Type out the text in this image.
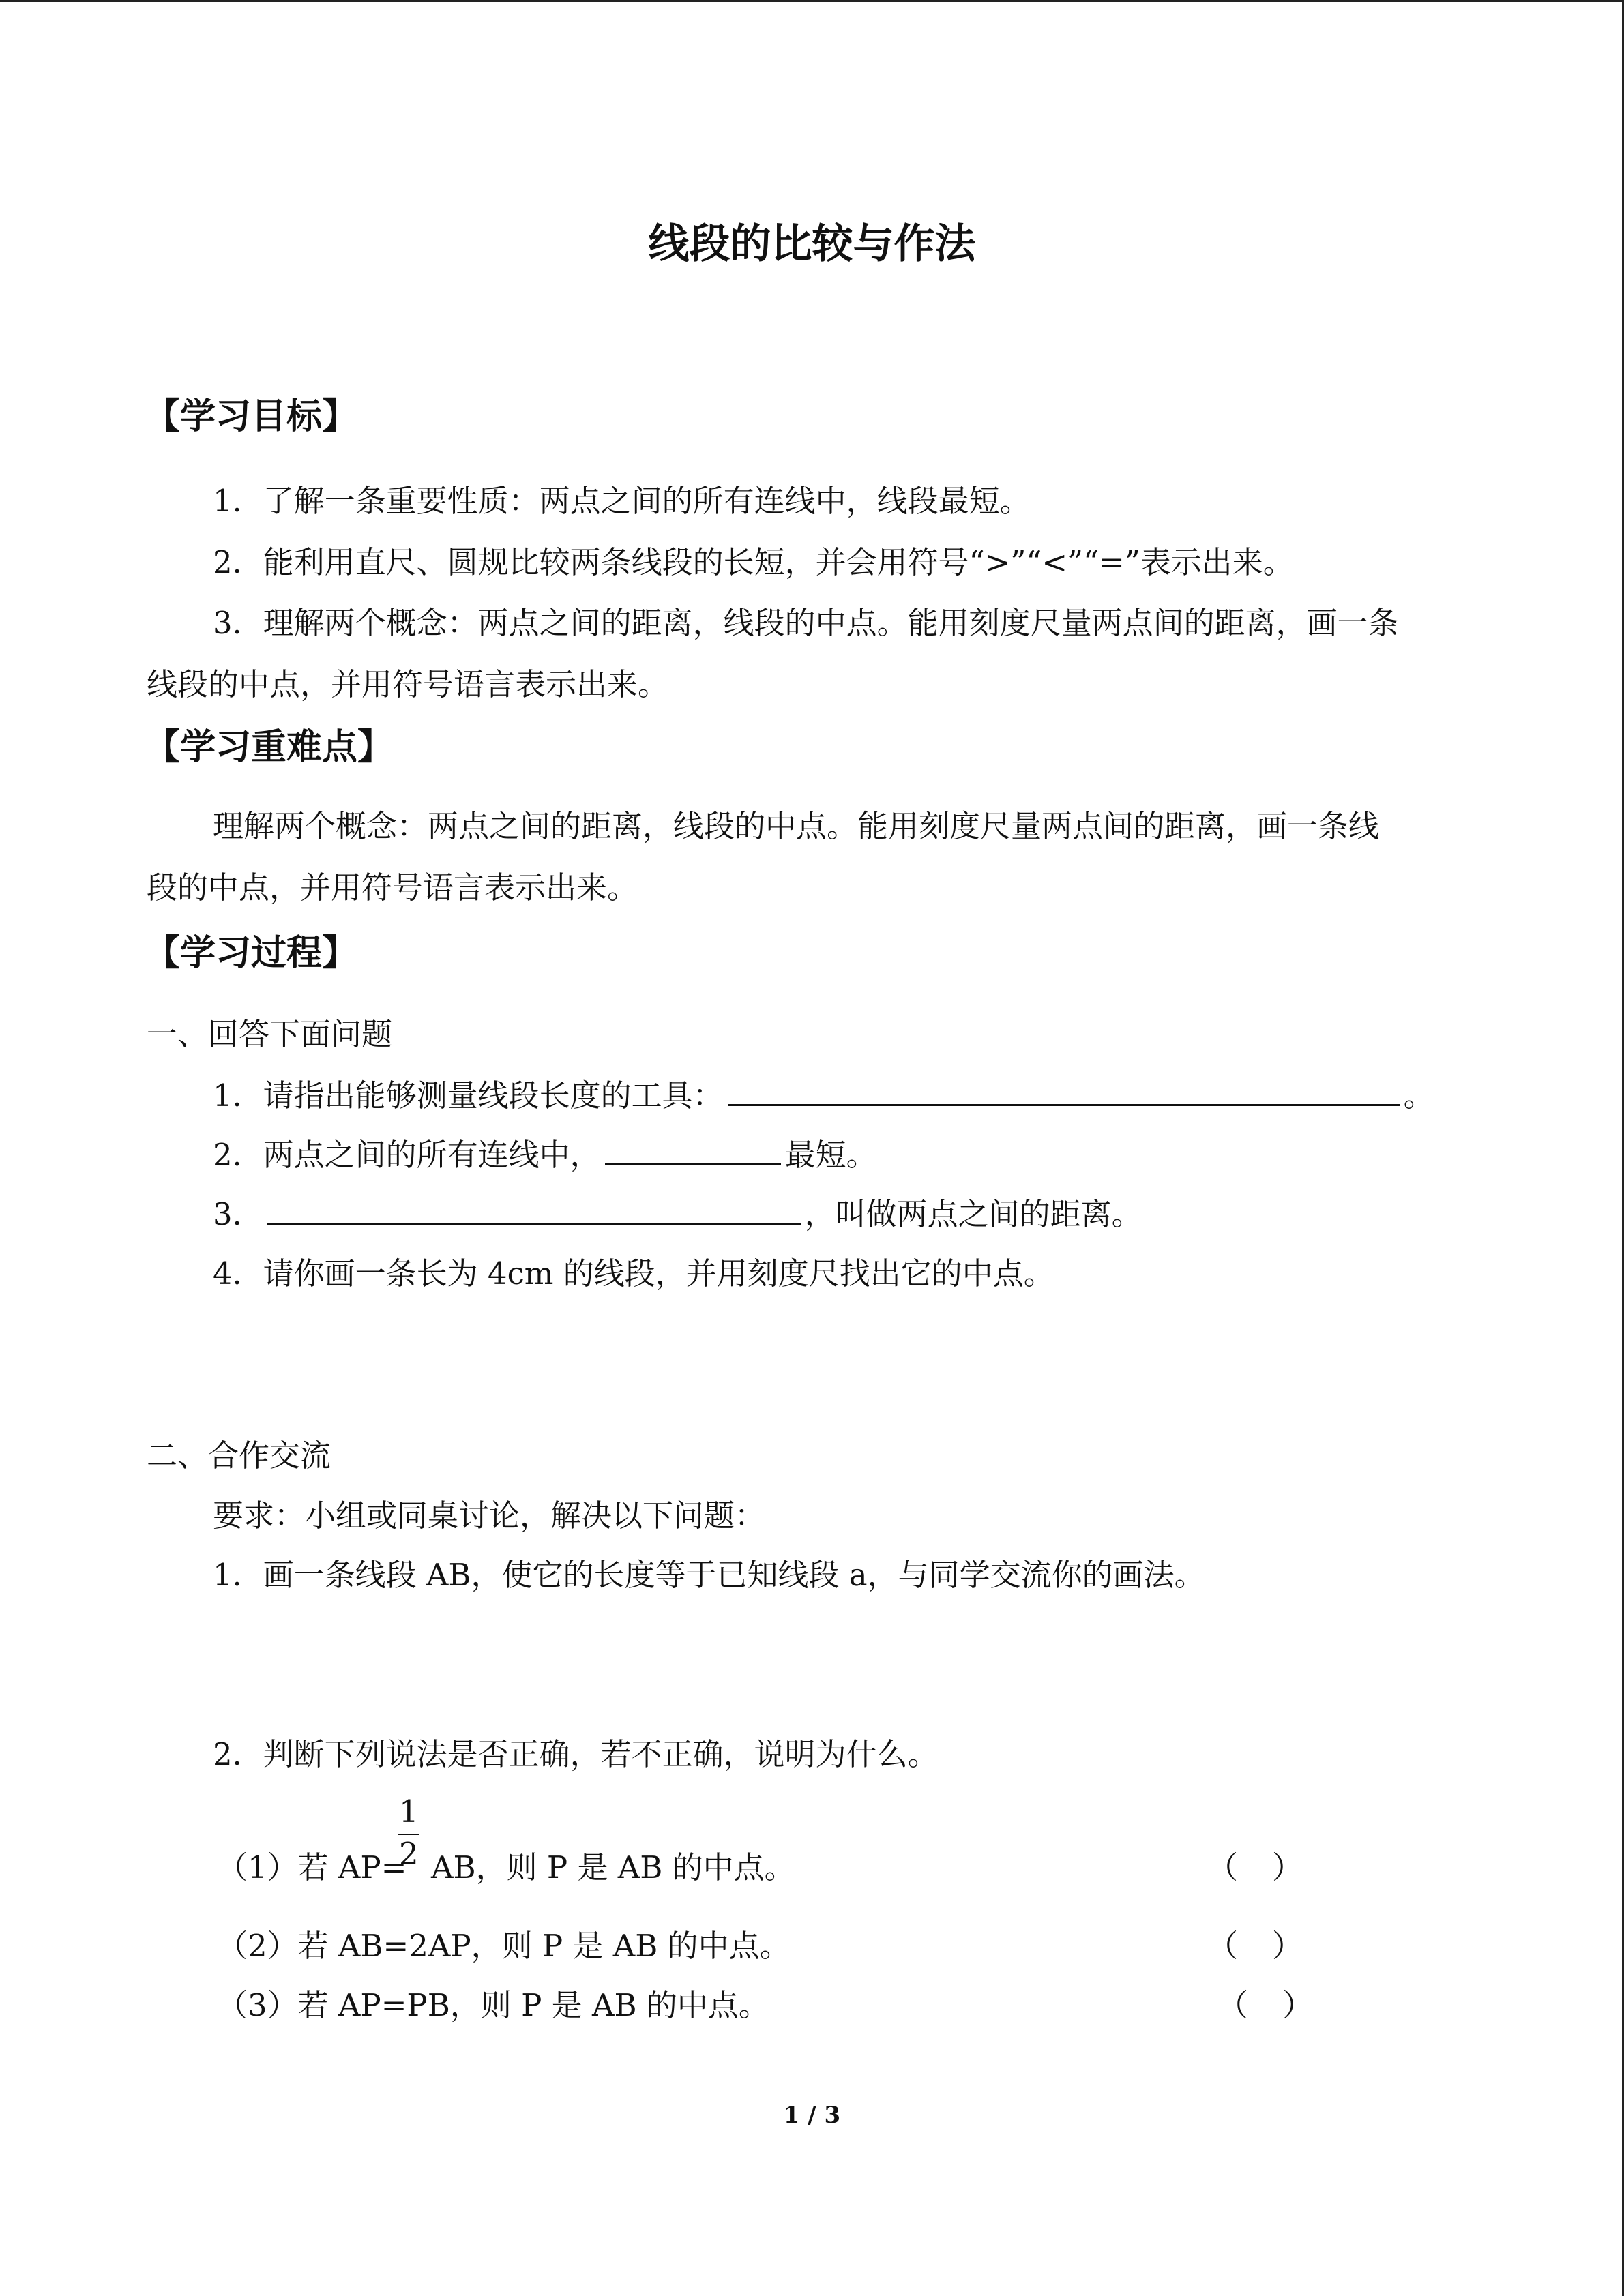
线段的比较与作法
【学习目标】
1．了解一条重要性质：两点之间的所有连线中，线段最短。
2．能利用直尺、圆规比较两条线段的长短，并会用符号“>”“<”“=”表示出来。
3．理解两个概念：两点之间的距离，线段的中点。能用刻度尺量两点间的距离，画一条
线段的中点，并用符号语言表示出来。
【学习重难点】
理解两个概念：两点之间的距离，线段的中点。能用刻度尺量两点间的距离，画一条线
段的中点，并用符号语言表示出来。
【学习过程】
一、回答下面问题
1．请指出能够测量线段长度的工具：	。
2．两点之间的所有连线中，	最短。
3．	，叫做两点之间的距离。
4．请你画一条长为 4cm 的线段，并用刻度尺找出它的中点。
二、合作交流
要求：小组或同桌讨论，解决以下问题：
1．画一条线段 AB，使它的长度等于已知线段 a，与同学交流你的画法。
2．判断下列说法是否正确，若不正确，说明为什么。
（1）若 AP=
1
2 AB，则 P 是 AB 的中点。	（ ）
（2）若 AB=2AP，则 P 是 AB 的中点。	（ ）
（3）若 AP=PB，则 P 是 AB 的中点。	（ ）
1 / 3
